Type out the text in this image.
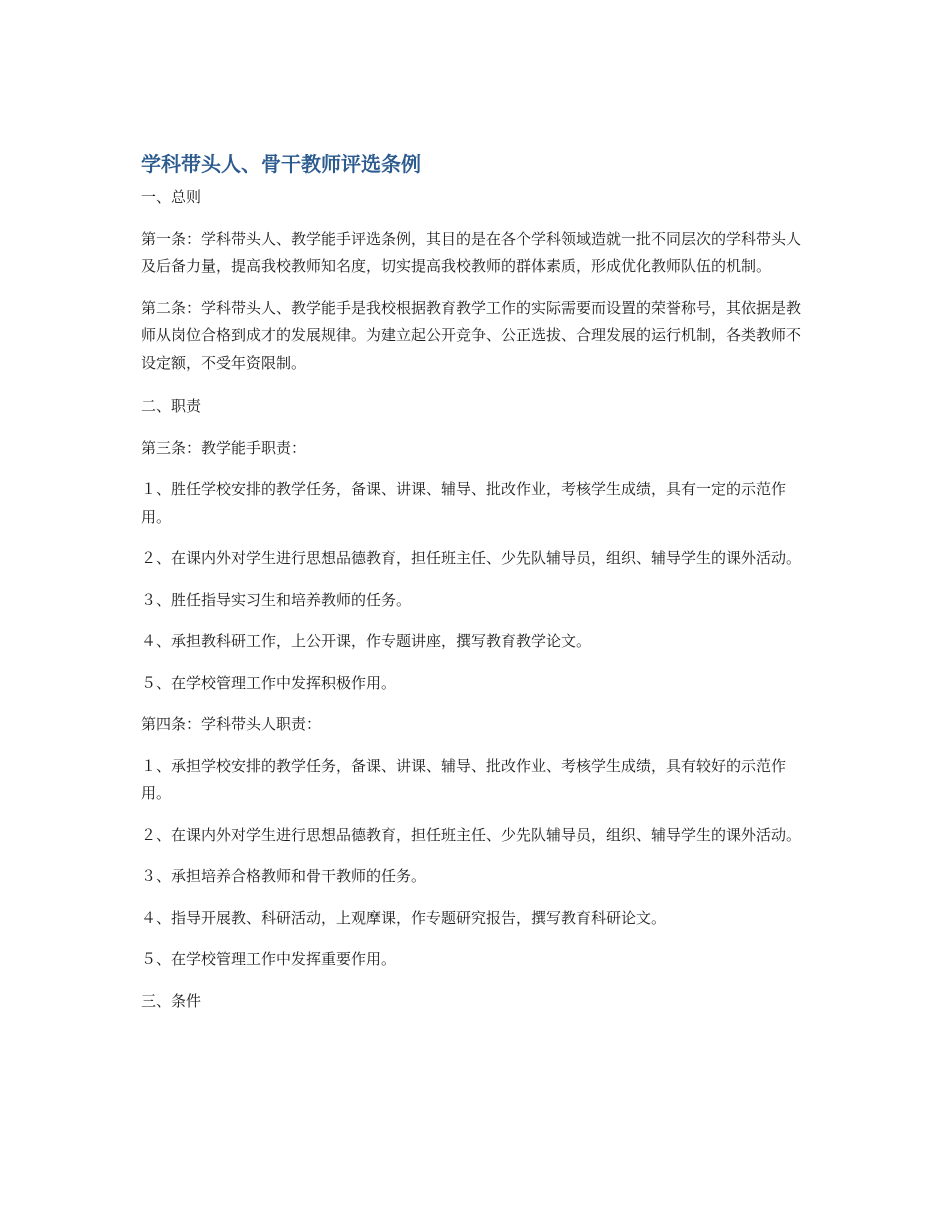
学科带头人、骨干教师评选条例

一、总则

第一条：学科带头人、教学能手评选条例，其目的是在各个学科领域造就一批不同层次的学科带头人及后备力量，提高我校教师知名度，切实提高我校教师的群体素质，形成优化教师队伍的机制。

第二条：学科带头人、教学能手是我校根据教育教学工作的实际需要而设置的荣誉称号，其依据是教师从岗位合格到成才的发展规律。为建立起公开竞争、公正选拔、合理发展的运行机制，各类教师不设定额，不受年资限制。

二、职责

第三条：教学能手职责：

１、胜任学校安排的教学任务，备课、讲课、辅导、批改作业，考核学生成绩，具有一定的示范作用。

２、在课内外对学生进行思想品德教育，担任班主任、少先队辅导员，组织、辅导学生的课外活动。

３、胜任指导实习生和培养教师的任务。

４、承担教科研工作，上公开课，作专题讲座，撰写教育教学论文。

５、在学校管理工作中发挥积极作用。

第四条：学科带头人职责：

１、承担学校安排的教学任务，备课、讲课、辅导、批改作业、考核学生成绩，具有较好的示范作用。

２、在课内外对学生进行思想品德教育，担任班主任、少先队辅导员，组织、辅导学生的课外活动。

３、承担培养合格教师和骨干教师的任务。

４、指导开展教、科研活动，上观摩课，作专题研究报告，撰写教育科研论文。

５、在学校管理工作中发挥重要作用。

三、条件
